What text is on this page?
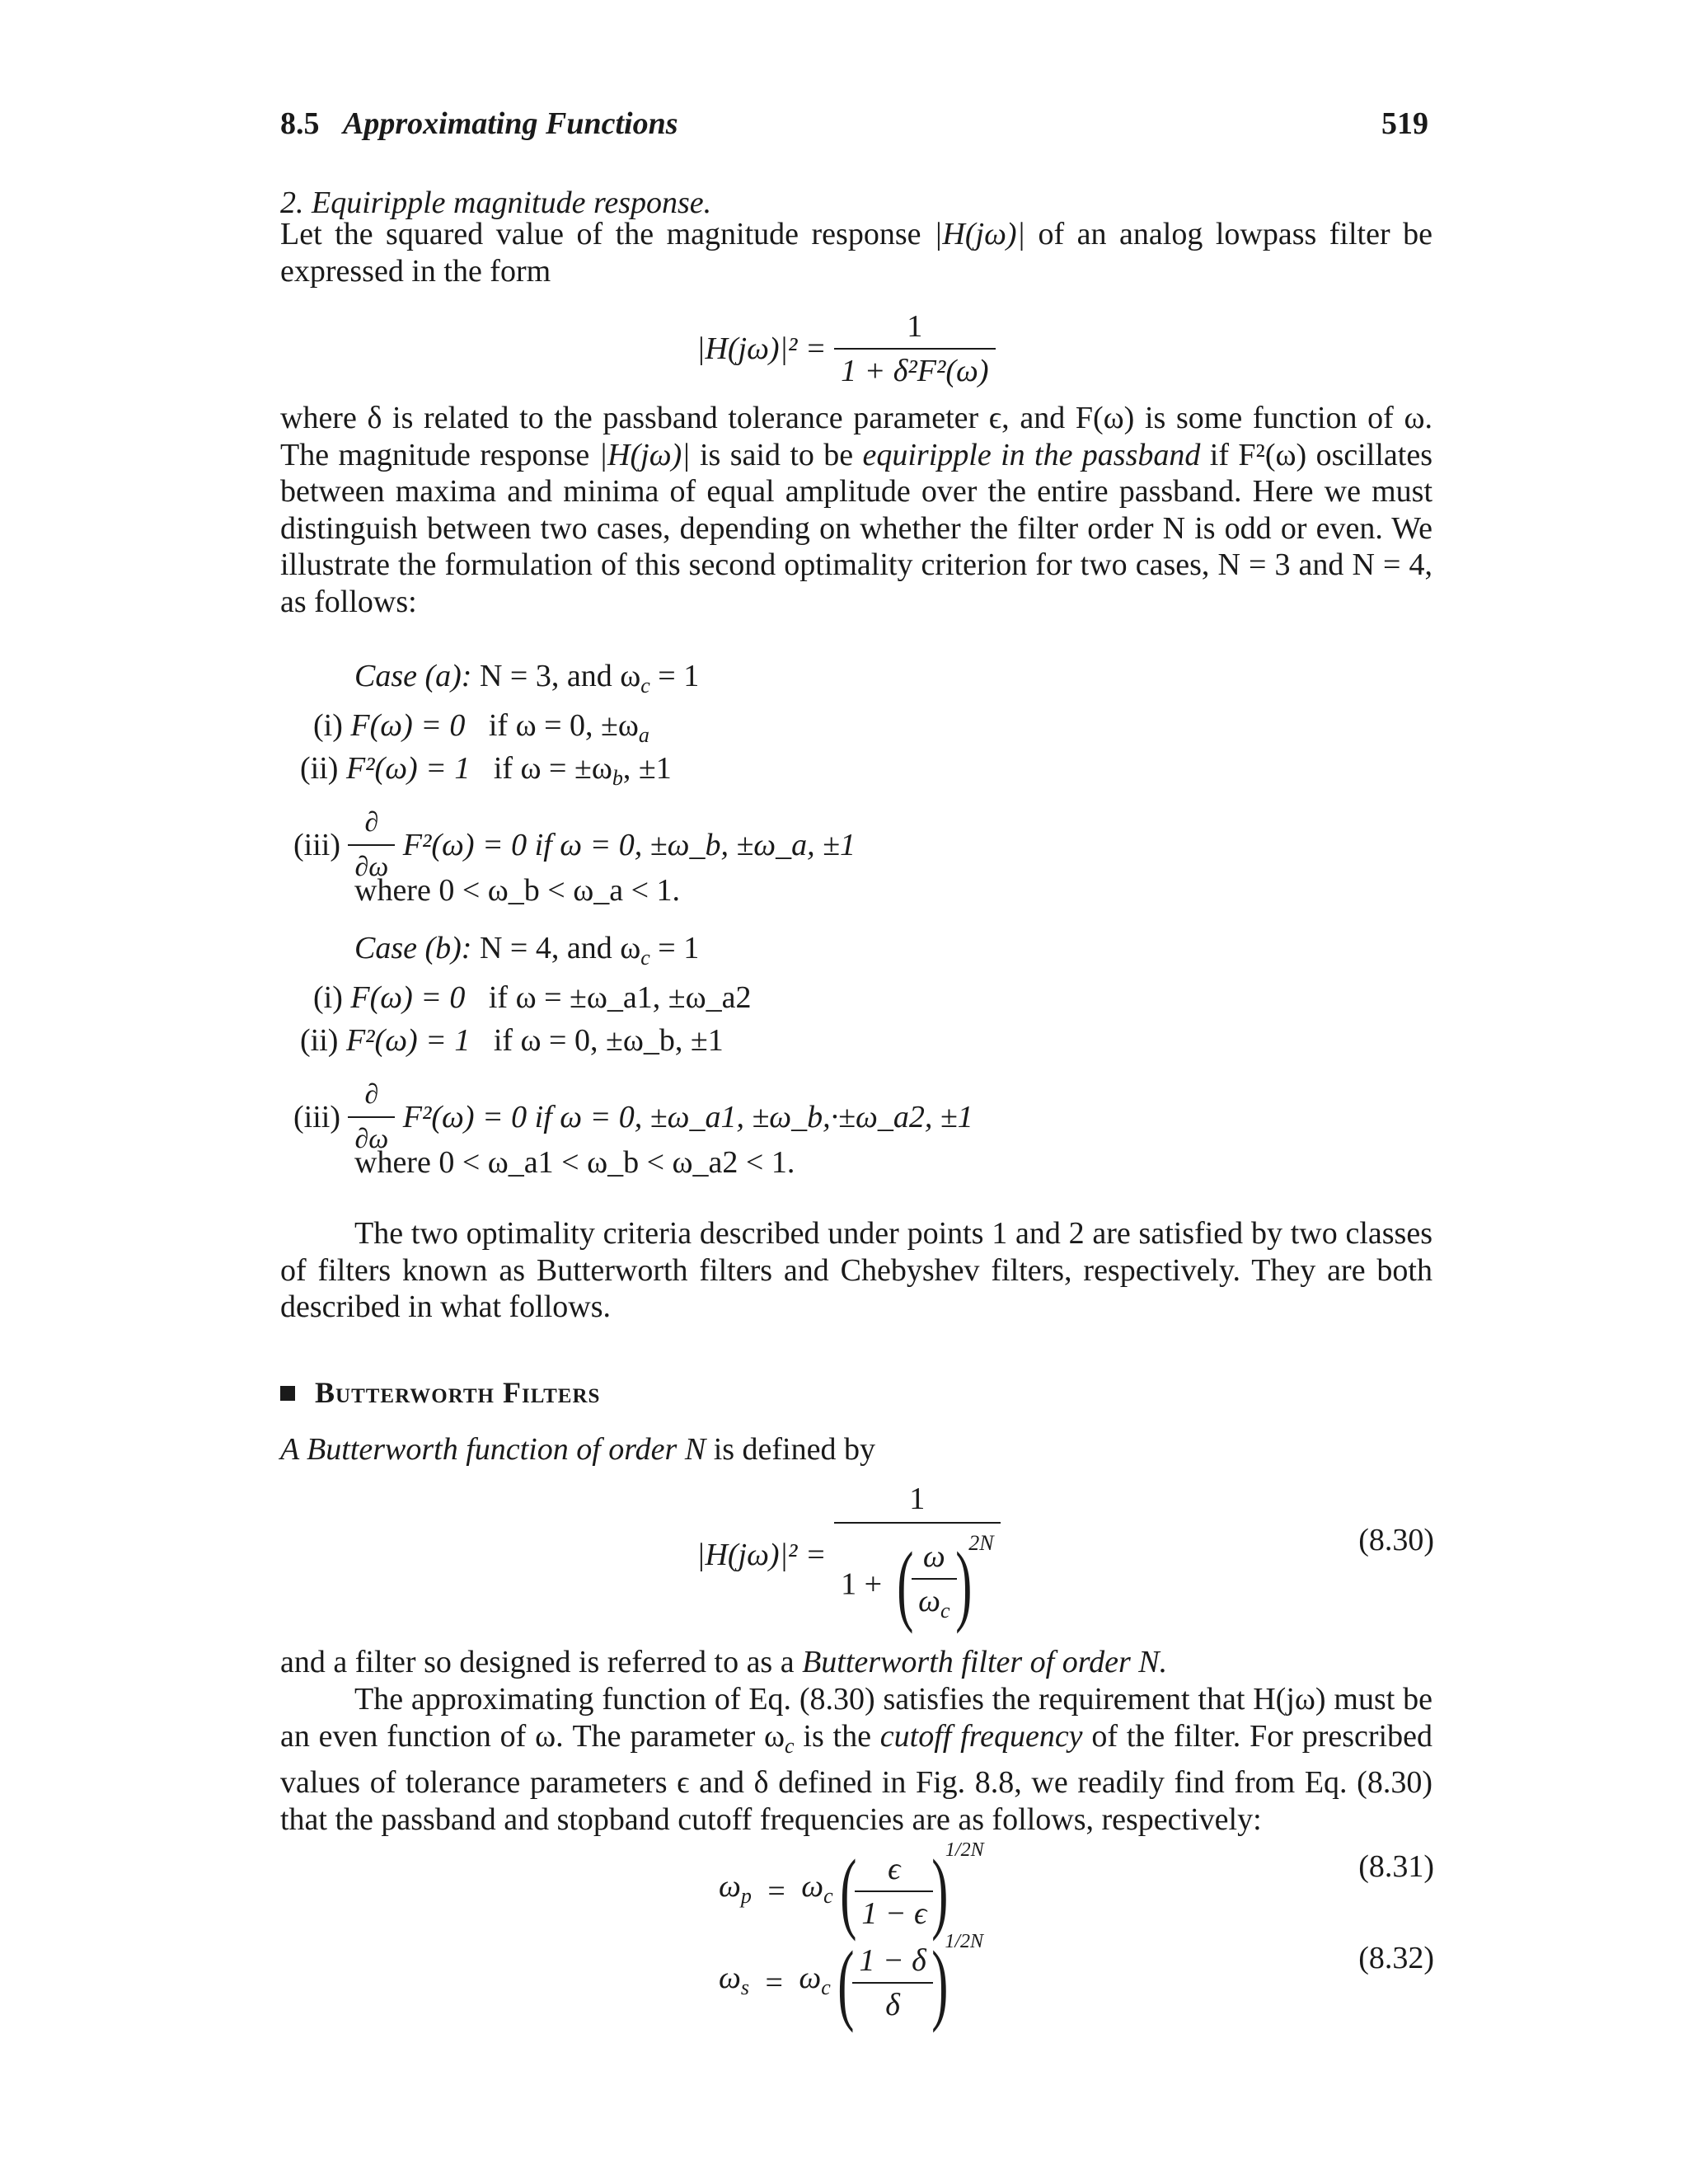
8.5 Approximating Functions	519
2. Equiripple magnitude response.
Let the squared value of the magnitude response |H(jω)| of an analog lowpass filter be expressed in the form
$|H(j\omega)|^2 = \frac{1}{\text{1 + δ²F²(ω)}}$
where δ is related to the passband tolerance parameter ϵ, and F(ω) is some function of ω. The magnitude response |H(jω)| is said to be equiripple in the passband if F²(ω) oscillates between maxima and minima of equal amplitude over the entire passband. Here we must distinguish between two cases, depending on whether the filter order N is odd or even. We illustrate the formulation of this second optimality criterion for two cases, N = 3 and N = 4, as follows:
Case (a): N = 3, and $\omega_c = 1$
(i) F(ω) = 0 if ω = 0, $\pm\omega_a$
(ii) F²(ω) = 1 if $\omega = \pm\omega_b$, ±1
$(iii) \frac{\partial}{\partial\omega} F^2(\omega) = 0$ if ω = 0, ±ω_b, ±ω_a, ±1
where 0 < ω_b < ω_a < 1.
Case (b): N = 4, and $\omega_c = 1$
(i) F(ω) = 0 if ω = ±ω_a1, ±ω_a2
(ii) F²(ω) = 1 if ω = 0, ±ω_b, ±1
$(iii) \frac{\partial}{\partial\omega} F^2(\omega) = 0$ if ω = 0, ±ω_a1, ±ω_b,·±ω_a2, ±1
where 0 < ω_a1 < ω_b < ω_a2 < 1.
The two optimality criteria described under points 1 and 2 are satisfied by two classes of filters known as Butterworth filters and Chebyshev filters, respectively. They are both described in what follows.
Butterworth Filters
A Butterworth function of order N is defined by
|H(jω)|² = 1
1 + (
$\frac{\omega}{\omega_c}$
)$^{2N}$	(8.30)
and a filter so designed is referred to as a Butterworth filter of order N.
The approximating function of Eq. (8.30) satisfies the requirement that H(jω) must be an even function of ω. The parameter $\omega_c$ is the cutoff frequency of the filter. For prescribed values of tolerance parameters ϵ and δ defined in Fig. 8.8, we readily find from Eq. (8.30) that the passband and stopband cutoff frequencies are as follows, respectively:
$\omega_p = \omega_c$(
$\frac{\epsilon}{1 - \epsilon}$
)$^{1/2N}$	(8.31)
$\omega_s = \omega_c$(
$\frac{1 - \delta}{\delta}$
)$^{1/2N}$	(8.32)
